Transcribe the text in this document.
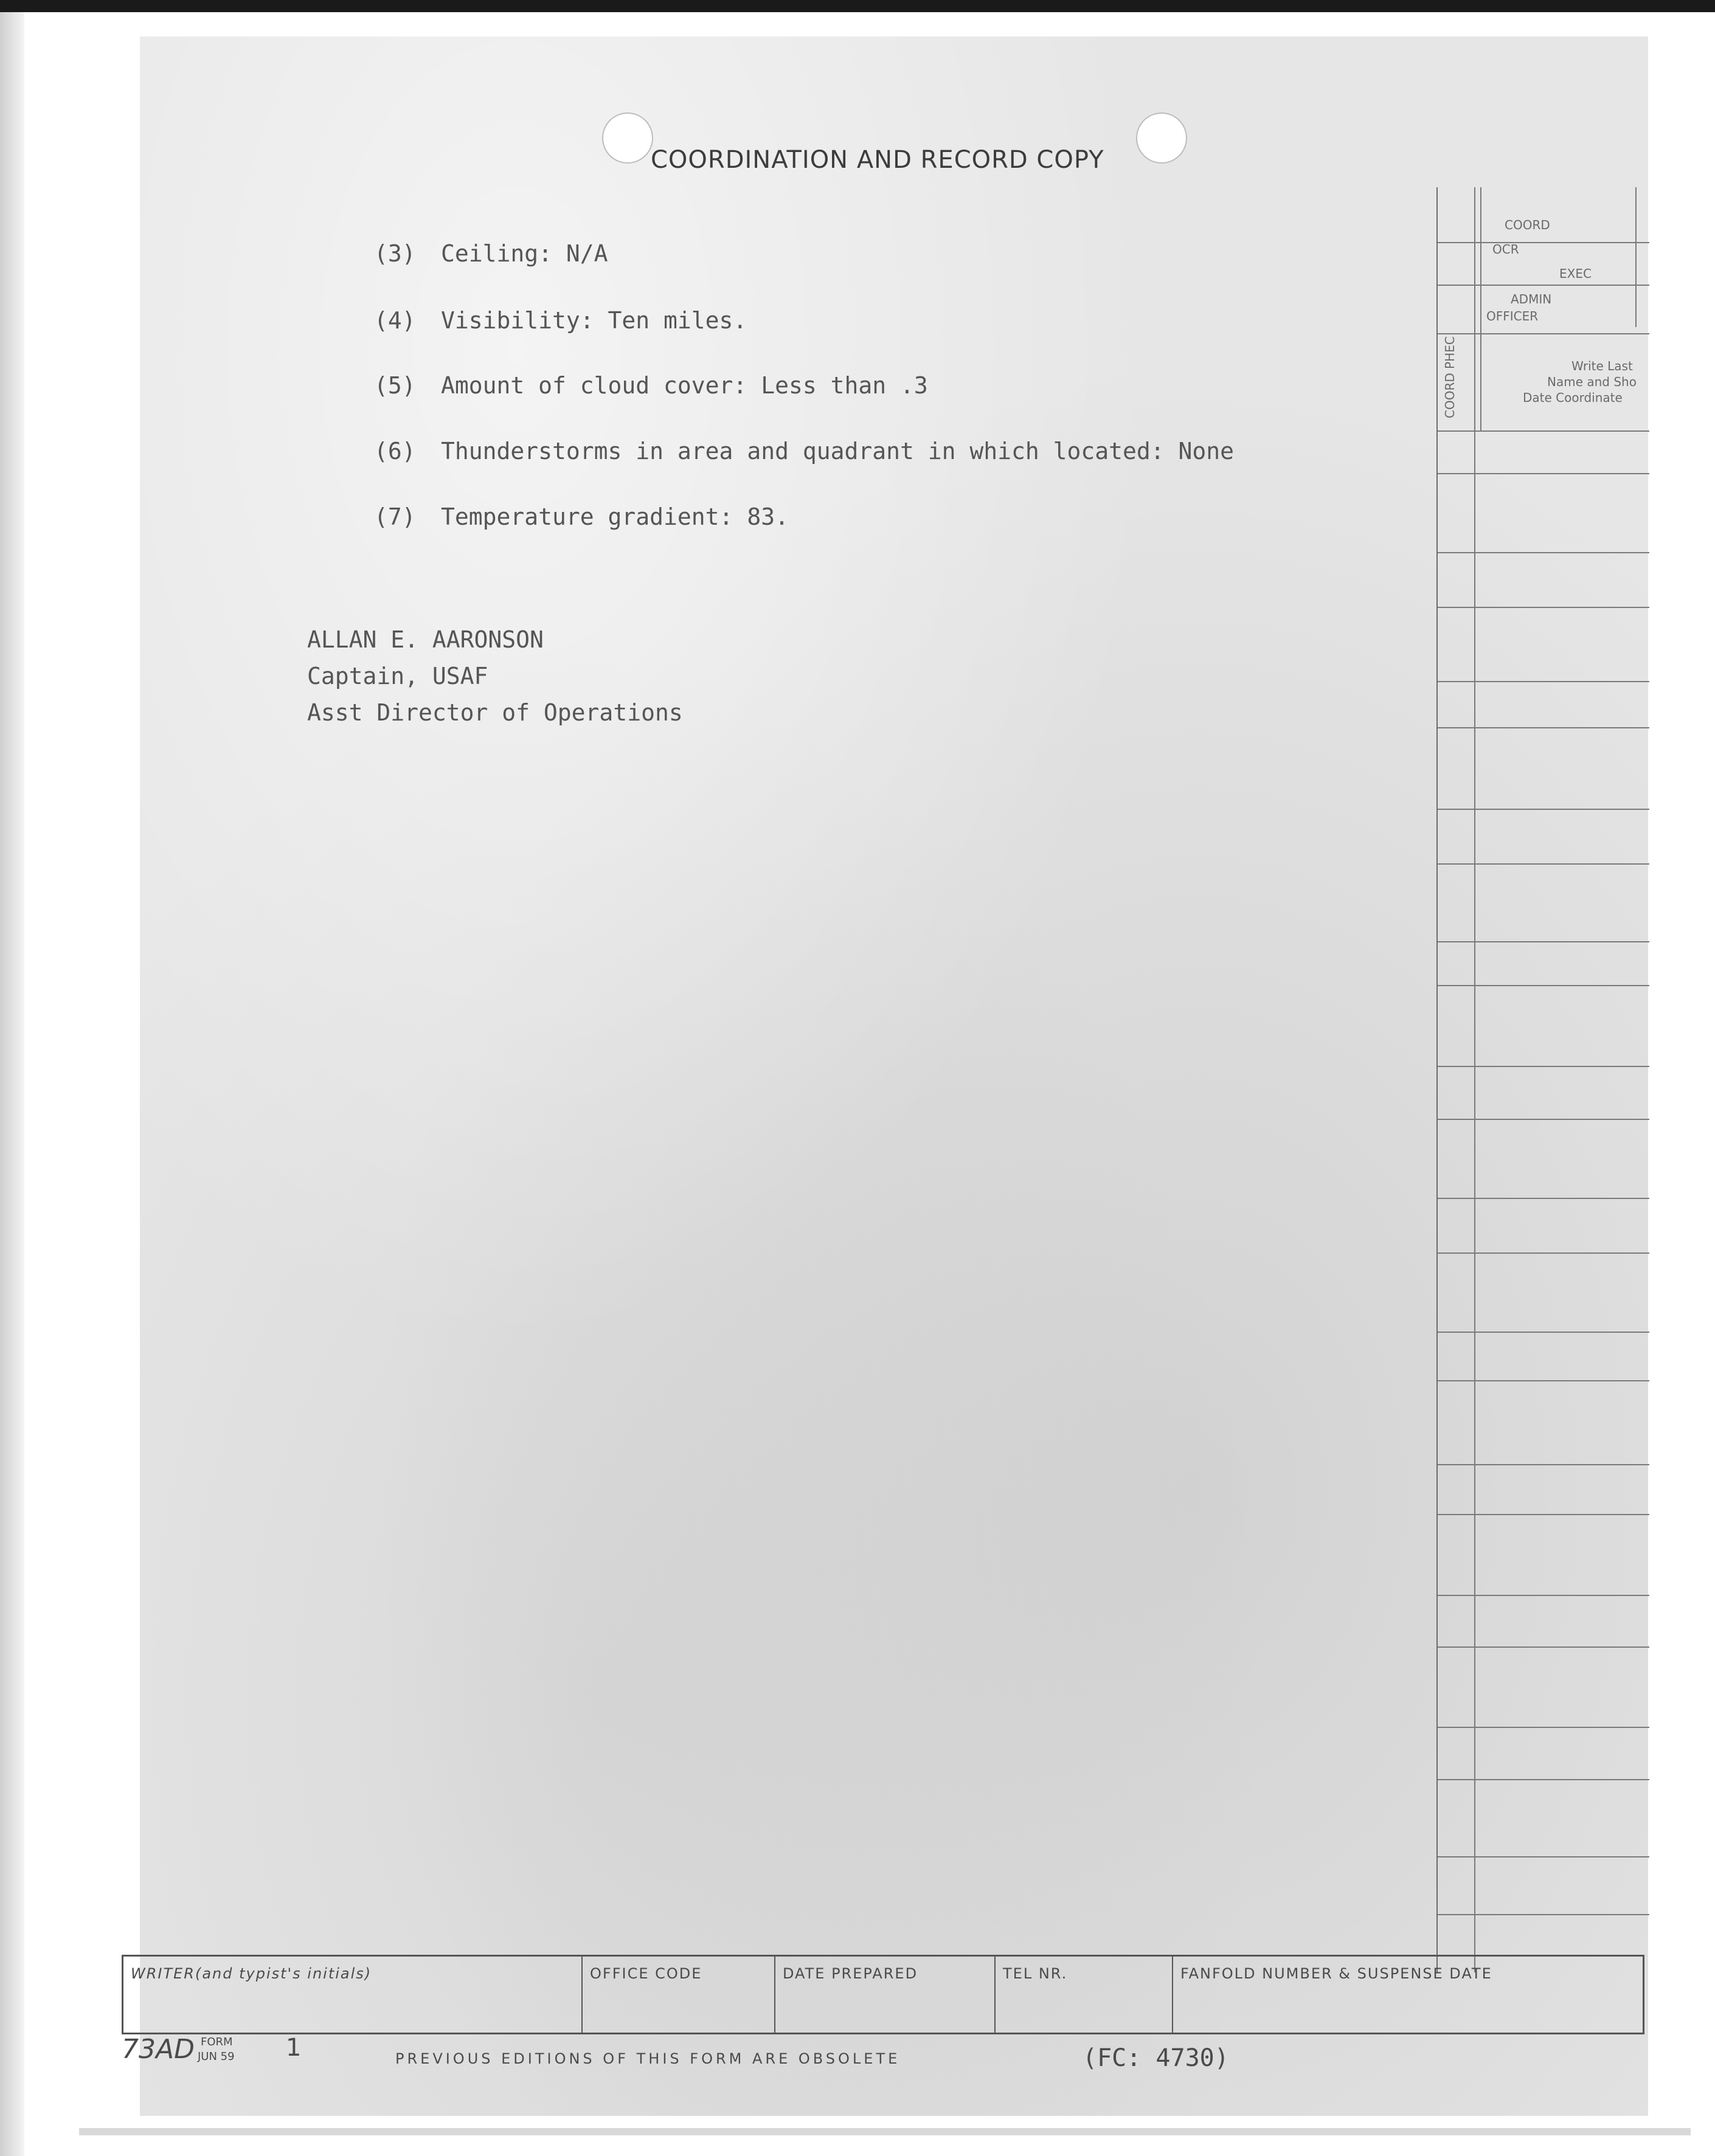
COORDINATION AND RECORD COPY
(3) Ceiling: N/A
(4) Visibility: Ten miles.
(5) Amount of cloud cover: Less than .3
(6) Thunderstorms in area and quadrant in which located: None
(7) Temperature gradient: 83.
ALLAN E. AARONSON
Captain, USAF
Asst Director of Operations
COORD
OCR
EXEC
ADMIN
OFFICER
COORD PHEC	Write Last
Name and Sho
Date Coordinate
WRITER(and typist's initials)	OFFICE CODE	DATE PREPARED	TEL NR.	FANFOLD NUMBER & SUSPENSE DATE
73AD FORM
JUN 59 1	PREVIOUS EDITIONS OF THIS FORM ARE OBSOLETE	(FC: 4730)
